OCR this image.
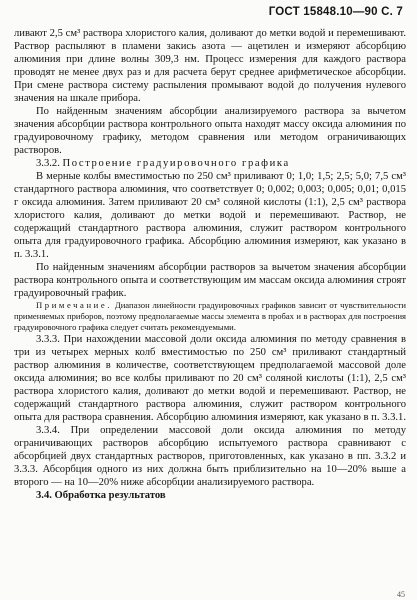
ГОСТ 15848.10—90 С. 7

ливают 2,5 см³ раствора хлористого калия, доливают до метки водой и перемешивают. Раствор распыляют в пламени закись азота — ацетилен и измеряют абсорбцию алюминия при длине волны 309,3 нм. Процесс измерения для каждого раствора проводят не менее двух раз и для расчета берут среднее арифметическое абсорбции. При смене раствора систему распыления промывают водой до получения нулевого значения на шкале прибора.

По найденным значениям абсорбции анализируемого раствора за вычетом значения абсорбции раствора контрольного опыта находят массу оксида алюминия по градуировочному графику, методом сравнения или методом ограничивающих растворов.

3.3.2. Построение градуировочного графика

В мерные колбы вместимостью по 250 см³ приливают 0; 1,0; 1,5; 2,5; 5,0; 7,5 см³ стандартного раствора алюминия, что соответствует 0; 0,002; 0,003; 0,005; 0,01; 0,015 г оксида алюминия. Затем приливают 20 см³ соляной кислоты (1:1), 2,5 см³ раствора хлористого калия, доливают до метки водой и перемешивают. Раствор, не содержащий стандартного раствора алюминия, служит раствором контрольного опыта для градуировочного графика. Абсорбцию алюминия измеряют, как указано в п. 3.3.1.

По найденным значениям абсорбции растворов за вычетом значения абсорбции раствора контрольного опыта и соответствующим им массам оксида алюминия строят градуировочный график.

Примечание. Диапазон линейности градуировочных графиков зависит от чувствительности применяемых приборов, поэтому предполагаемые массы элемента в пробах и в растворах для построения градуировочного графика следует считать рекомендуемыми.

3.3.3. При нахождении массовой доли оксида алюминия по методу сравнения в три из четырех мерных колб вместимостью по 250 см³ приливают стандартный раствор алюминия в количестве, соответствующем предполагаемой массовой доле оксида алюминия; во все колбы приливают по 20 см³ соляной кислоты (1:1), 2,5 см³ раствора хлористого калия, доливают до метки водой и перемешивают. Раствор, не содержащий стандартного раствора алюминия, служит раствором контрольного опыта для раствора сравнения. Абсорбцию алюминия измеряют, как указано в п. 3.3.1.

3.3.4. При определении массовой доли оксида алюминия по методу ограничивающих растворов абсорбцию испытуемого раствора сравнивают с абсорбцией двух стандартных растворов, приготовленных, как указано в пп. 3.3.2 и 3.3.3. Абсорбция одного из них должна быть приблизительно на 10—20% выше а второго — на 10—20% ниже абсорбции анализируемого раствора.

3.4. Обработка результатов

45
